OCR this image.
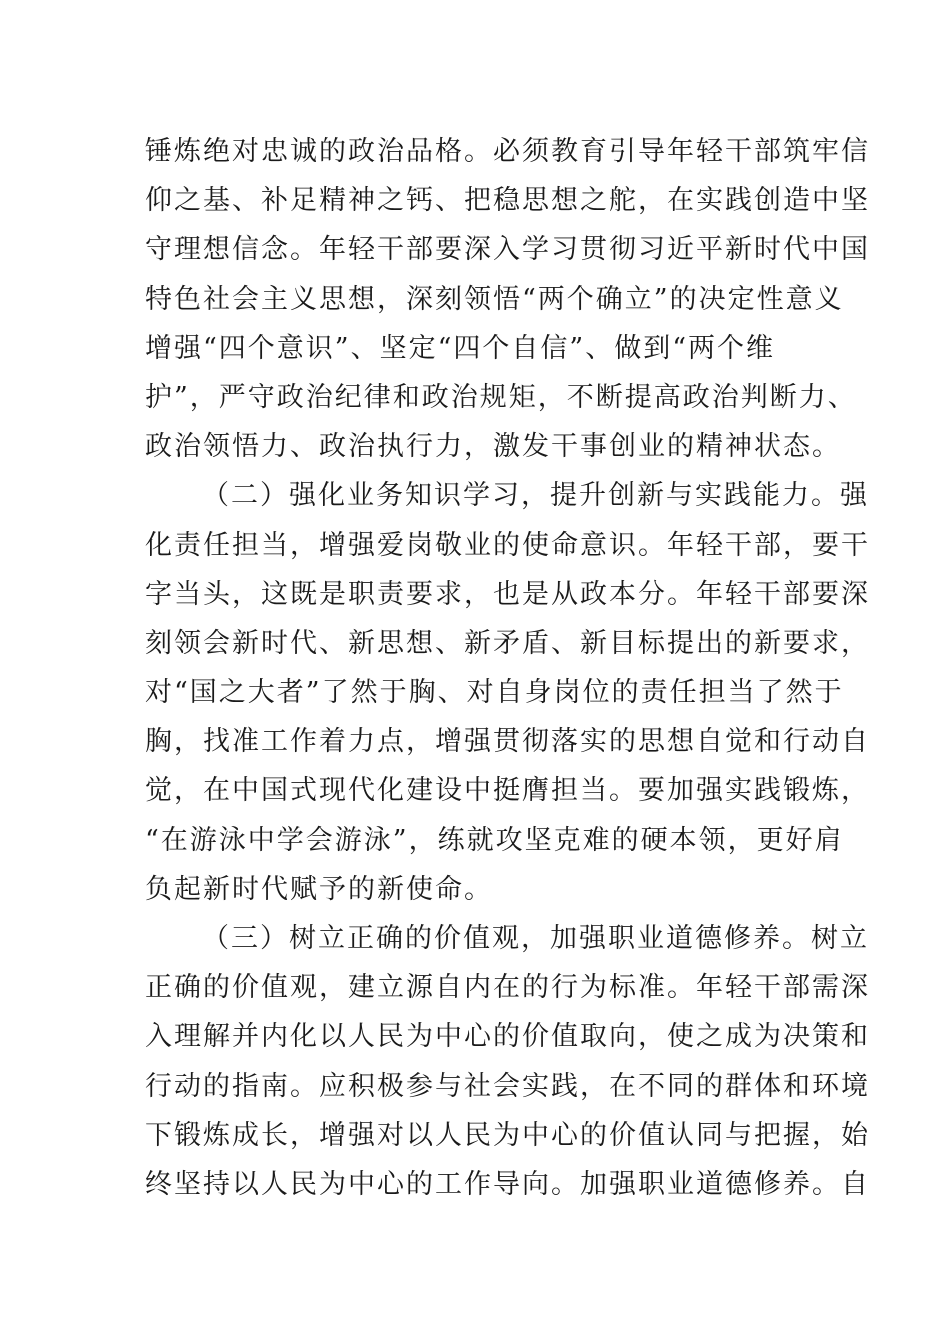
锤炼绝对忠诚的政治品格。必须教育引导年轻干部筑牢信
仰之基、补足精神之钙、把稳思想之舵，在实践创造中坚
守理想信念。年轻干部要深入学习贯彻习近平新时代中国
特色社会主义思想，深刻领悟“两个确立”的决定性意义
增强“四个意识”、坚定“四个自信”、做到“两个维
护”，严守政治纪律和政治规矩，不断提高政治判断力、
政治领悟力、政治执行力，激发干事创业的精神状态。
（二）强化业务知识学习，提升创新与实践能力。强
化责任担当，增强爱岗敬业的使命意识。年轻干部，要干
字当头，这既是职责要求，也是从政本分。年轻干部要深
刻领会新时代、新思想、新矛盾、新目标提出的新要求，
对“国之大者”了然于胸、对自身岗位的责任担当了然于
胸，找准工作着力点，增强贯彻落实的思想自觉和行动自
觉，在中国式现代化建设中挺膺担当。要加强实践锻炼，
“在游泳中学会游泳”，练就攻坚克难的硬本领，更好肩
负起新时代赋予的新使命。
（三）树立正确的价值观，加强职业道德修养。树立
正确的价值观，建立源自内在的行为标准。年轻干部需深
入理解并内化以人民为中心的价值取向，使之成为决策和
行动的指南。应积极参与社会实践，在不同的群体和环境
下锻炼成长，增强对以人民为中心的价值认同与把握，始
终坚持以人民为中心的工作导向。加强职业道德修养。自
